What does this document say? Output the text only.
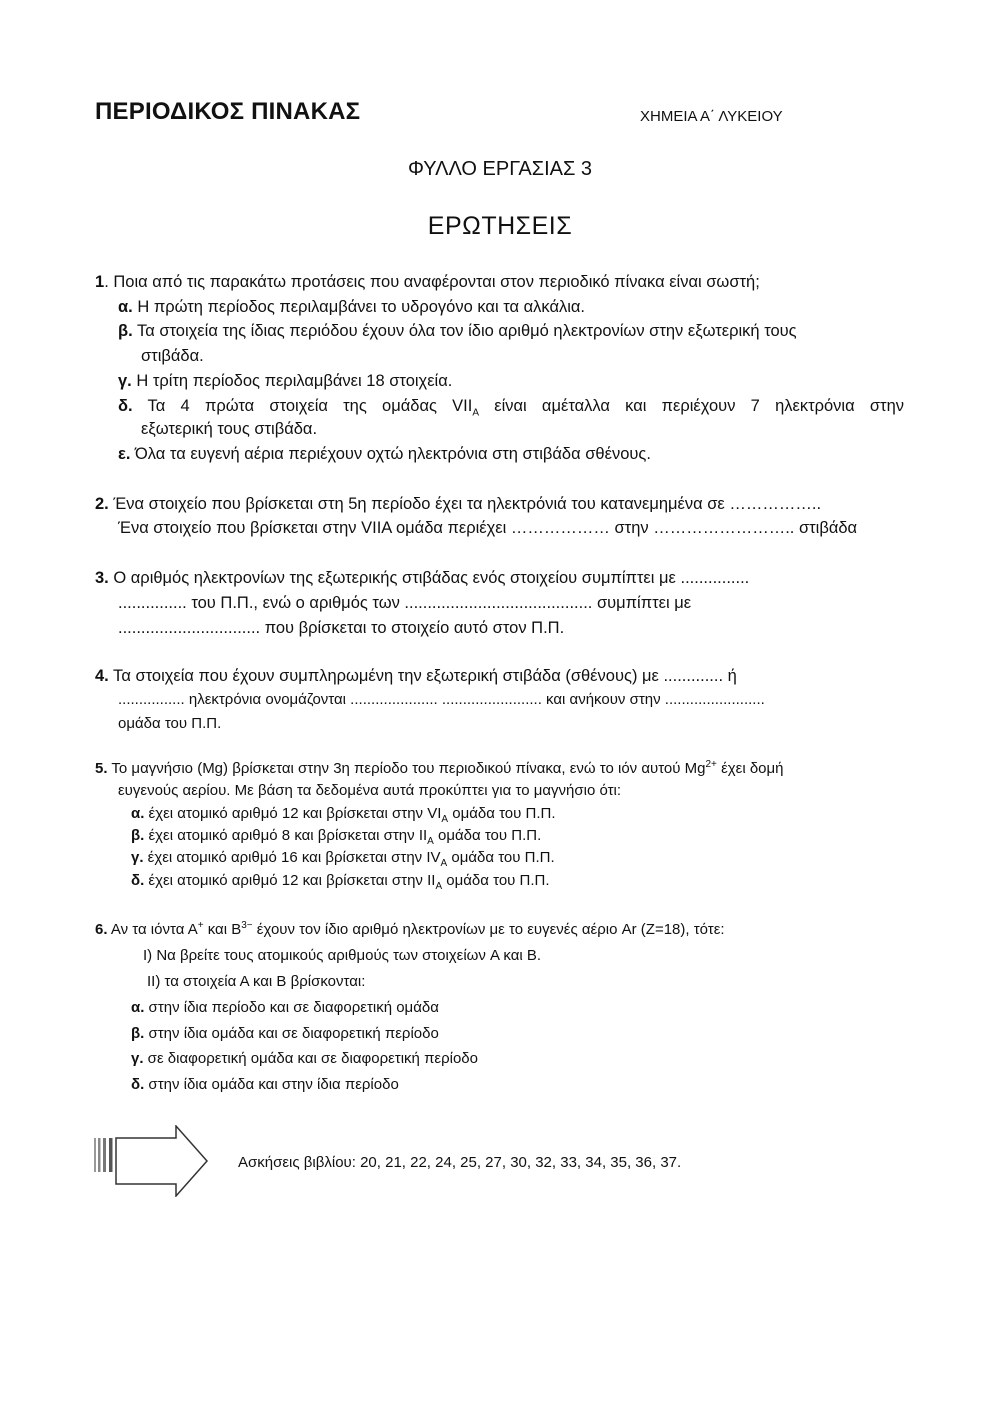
ΠΕΡΙΟΔΙΚΟΣ ΠΙΝΑΚΑΣ	ΧΗΜΕΙΑ Α΄ ΛΥΚΕΙΟΥ
ΦΥΛΛΟ ΕΡΓΑΣΙΑΣ 3
ΕΡΩΤΗΣΕΙΣ
1. Ποια από τις παρακάτω προτάσεις που αναφέρονται στον περιοδικό πίνακα είναι σωστή;
α. Η πρώτη περίοδος περιλαμβάνει το υδρογόνο και τα αλκάλια.
β. Τα στοιχεία της ίδιας περιόδου έχουν όλα τον ίδιο αριθμό ηλεκτρονίων στην εξωτερική τους
στιβάδα.
γ. Η τρίτη περίοδος περιλαμβάνει 18 στοιχεία.
δ. Τα 4 πρώτα στοιχεία της ομάδας $VII_A$ είναι αμέταλλα και περιέχουν 7 ηλεκτρόνια στην
εξωτερική τους στιβάδα.
ε. Όλα τα ευγενή αέρια περιέχουν οχτώ ηλεκτρόνια στη στιβάδα σθένους.
2. Ένα στοιχείο που βρίσκεται στη 5η περίοδο έχει τα ηλεκτρόνιά του κατανεμημένα σε ……………..
Ένα στοιχείο που βρίσκεται στην VIIA ομάδα περιέχει ……………… στην …………………….. στιβάδα
3. Ο αριθμός ηλεκτρονίων της εξωτερικής στιβάδας ενός στοιχείου συμπίπτει με ...............
............... του Π.Π., ενώ ο αριθμός των ......................................... συμπίπτει με
............................... που βρίσκεται το στοιχείο αυτό στον Π.Π.
4. Τα στοιχεία που έχουν συμπληρωμένη την εξωτερική στιβάδα (σθένους) με ............. ή
................ ηλεκτρόνια ονομάζονται ..................... ........................ και ανήκουν στην ........................
ομάδα του Π.Π.
5. Το μαγνήσιο (Mg) βρίσκεται στην 3η περίοδο του περιοδικού πίνακα, ενώ το ιόν αυτού $Mg^{2+}$ έχει δομή
ευγενούς αερίου. Με βάση τα δεδομένα αυτά προκύπτει για το μαγνήσιο ότι:
α. έχει ατομικό αριθμό 12 και βρίσκεται στην $VI_A$ ομάδα του Π.Π.
β. έχει ατομικό αριθμό 8 και βρίσκεται στην $II_A$ ομάδα του Π.Π.
γ. έχει ατομικό αριθμό 16 και βρίσκεται στην $IV_A$ ομάδα του Π.Π.
δ. έχει ατομικό αριθμό 12 και βρίσκεται στην $II_A$ ομάδα του Π.Π.
6. Αν τα ιόντα Α+ και $B^{3-}$ έχουν τον ίδιο αριθμό ηλεκτρονίων με το ευγενές αέριο Ar (Z=18), τότε:
I) Να βρείτε τους ατομικούς αριθμούς των στοιχείων A και B.
II) τα στοιχεία Α και Β βρίσκονται:
α. στην ίδια περίοδο και σε διαφορετική ομάδα
β. στην ίδια ομάδα και σε διαφορετική περίοδο
γ. σε διαφορετική ομάδα και σε διαφορετική περίοδο
δ. στην ίδια ομάδα και στην ίδια περίοδο
Ασκήσεις βιβλίου: 20, 21, 22, 24, 25, 27, 30, 32, 33, 34, 35, 36, 37.
